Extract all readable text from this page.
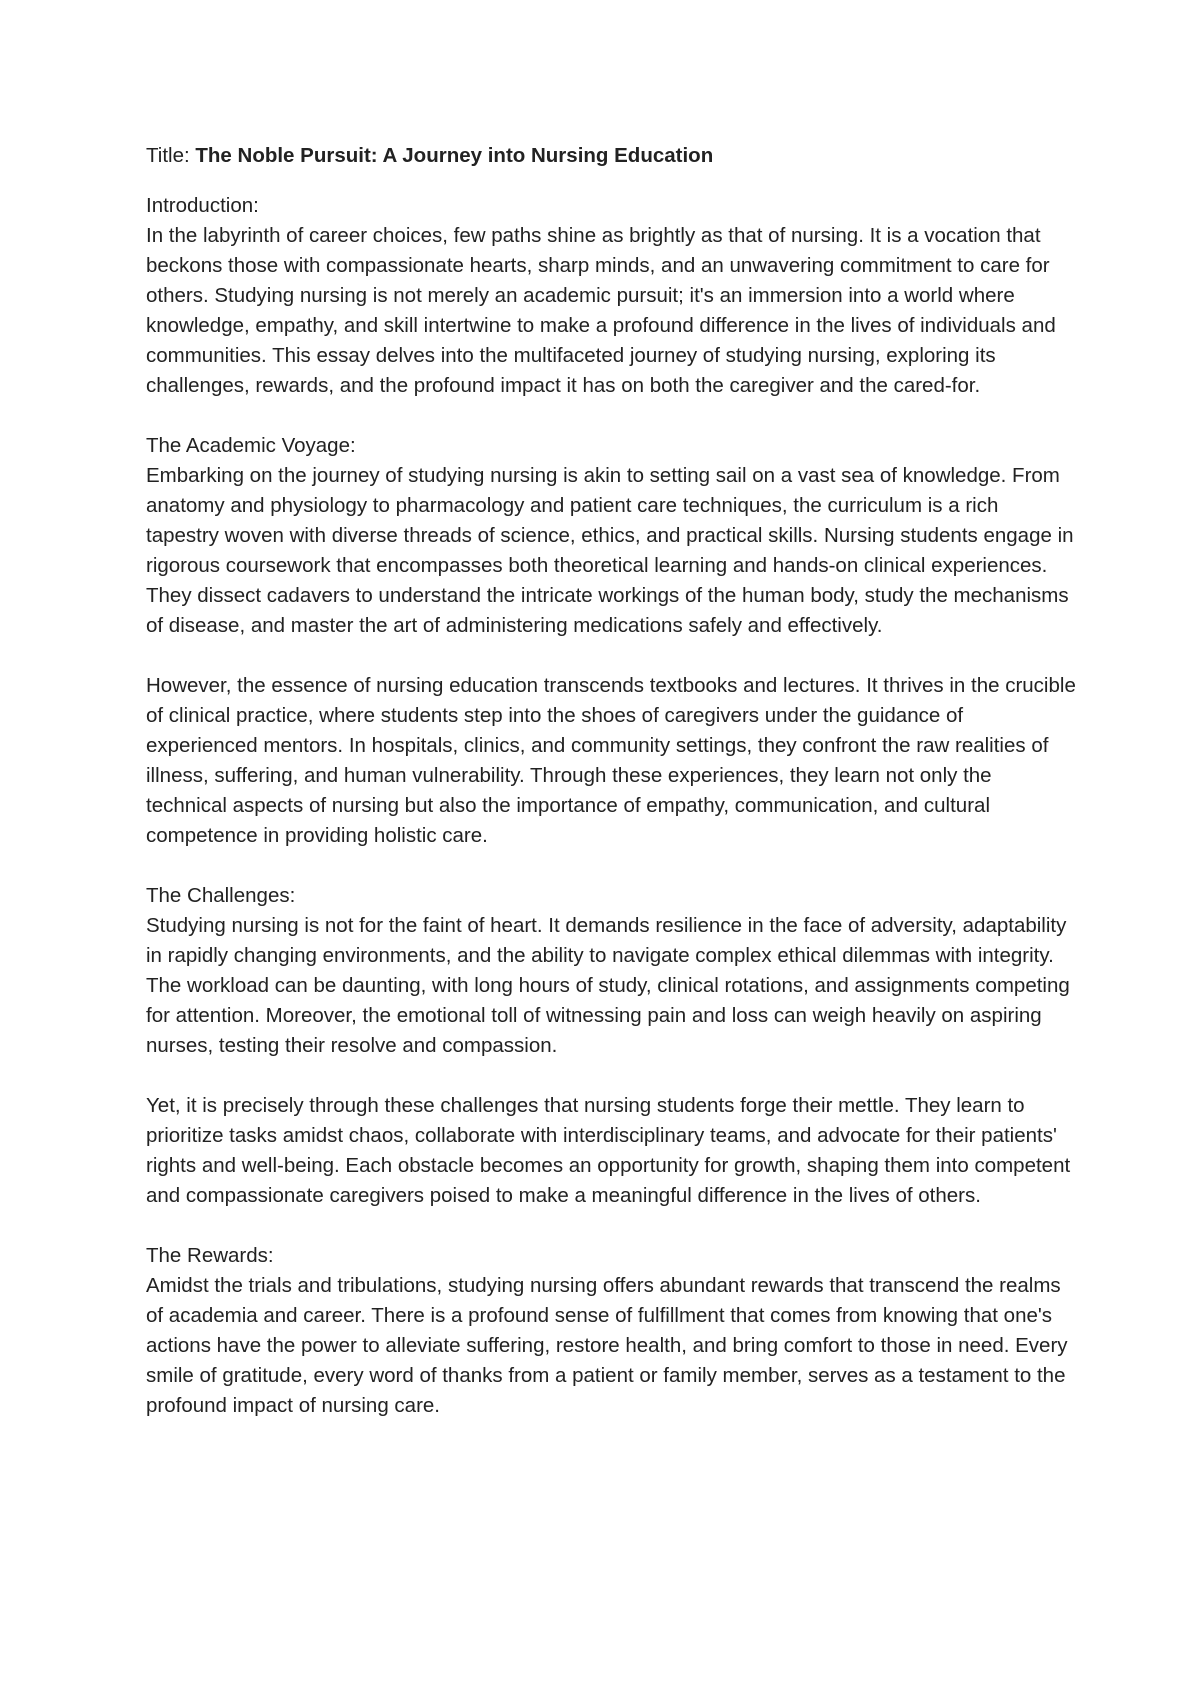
Title: The Noble Pursuit: A Journey into Nursing Education

Introduction:

In the labyrinth of career choices, few paths shine as brightly as that of nursing. It is a vocation that beckons those with compassionate hearts, sharp minds, and an unwavering commitment to care for others. Studying nursing is not merely an academic pursuit; it's an immersion into a world where knowledge, empathy, and skill intertwine to make a profound difference in the lives of individuals and communities. This essay delves into the multifaceted journey of studying nursing, exploring its challenges, rewards, and the profound impact it has on both the caregiver and the cared-for.

The Academic Voyage:

Embarking on the journey of studying nursing is akin to setting sail on a vast sea of knowledge. From anatomy and physiology to pharmacology and patient care techniques, the curriculum is a rich tapestry woven with diverse threads of science, ethics, and practical skills. Nursing students engage in rigorous coursework that encompasses both theoretical learning and hands-on clinical experiences. They dissect cadavers to understand the intricate workings of the human body, study the mechanisms of disease, and master the art of administering medications safely and effectively.

However, the essence of nursing education transcends textbooks and lectures. It thrives in the crucible of clinical practice, where students step into the shoes of caregivers under the guidance of experienced mentors. In hospitals, clinics, and community settings, they confront the raw realities of illness, suffering, and human vulnerability. Through these experiences, they learn not only the technical aspects of nursing but also the importance of empathy, communication, and cultural competence in providing holistic care.

The Challenges:

Studying nursing is not for the faint of heart. It demands resilience in the face of adversity, adaptability in rapidly changing environments, and the ability to navigate complex ethical dilemmas with integrity. The workload can be daunting, with long hours of study, clinical rotations, and assignments competing for attention. Moreover, the emotional toll of witnessing pain and loss can weigh heavily on aspiring nurses, testing their resolve and compassion.

Yet, it is precisely through these challenges that nursing students forge their mettle. They learn to prioritize tasks amidst chaos, collaborate with interdisciplinary teams, and advocate for their patients' rights and well-being. Each obstacle becomes an opportunity for growth, shaping them into competent and compassionate caregivers poised to make a meaningful difference in the lives of others.

The Rewards:

Amidst the trials and tribulations, studying nursing offers abundant rewards that transcend the realms of academia and career. There is a profound sense of fulfillment that comes from knowing that one's actions have the power to alleviate suffering, restore health, and bring comfort to those in need. Every smile of gratitude, every word of thanks from a patient or family member, serves as a testament to the profound impact of nursing care.
